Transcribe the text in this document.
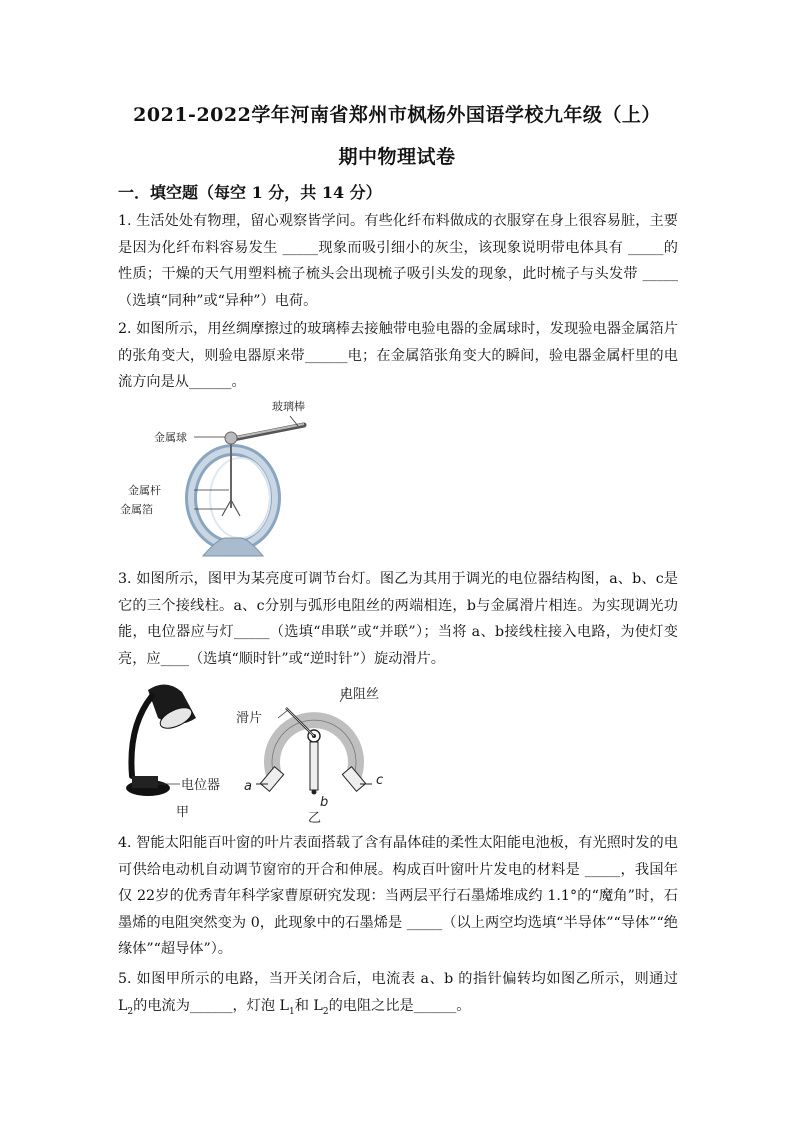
2021-2022学年河南省郑州市枫杨外国语学校九年级（上）
期中物理试卷
一．填空题（每空 1 分，共 14 分）
1. 生活处处有物理，留心观察皆学问。有些化纤布料做成的衣服穿在身上很容易脏，主要是因为化纤布料容易发生 _____现象而吸引细小的灰尘，该现象说明带电体具有 _____的性质；干燥的天气用塑料梳子梳头会出现梳子吸引头发的现象，此时梳子与头发带 _____（选填“同种”或“异种”）电荷。
2. 如图所示，用丝绸摩擦过的玻璃棒去接触带电验电器的金属球时，发现验电器金属箔片的张角变大，则验电器原来带______电；在金属箔张角变大的瞬间，验电器金属杆里的电流方向是从______。
玻璃棒
金属球
金属杆
金属箔
3. 如图所示，图甲为某亮度可调节台灯。图乙为其用于调光的电位器结构图，a、b、c是它的三个接线柱。a、c分别与弧形电阻丝的两端相连，b与金属滑片相连。为实现调光功能，电位器应与灯_____（选填“串联”或“并联”）；当将 a、b接线柱接入电路，为使灯变亮，应____（选填“顺时针”或“逆时针”）旋动滑片。
电位器
甲
电阻丝
滑片
a
b
c
乙
4. 智能太阳能百叶窗的叶片表面搭载了含有晶体硅的柔性太阳能电池板，有光照时发的电可供给电动机自动调节窗帘的开合和伸展。构成百叶窗叶片发电的材料是 _____，我国年仅 22岁的优秀青年科学家曹原研究发现：当两层平行石墨烯堆成约 1.1°的“魔角”时，石墨烯的电阻突然变为 0，此现象中的石墨烯是 _____（以上两空均选填“半导体”“导体”“绝缘体”“超导体”）。
5. 如图甲所示的电路，当开关闭合后，电流表 a、b 的指针偏转均如图乙所示，则通过 $L_2$的电流为______，灯泡 $L_1$和 $L_2$的电阻之比是______。
